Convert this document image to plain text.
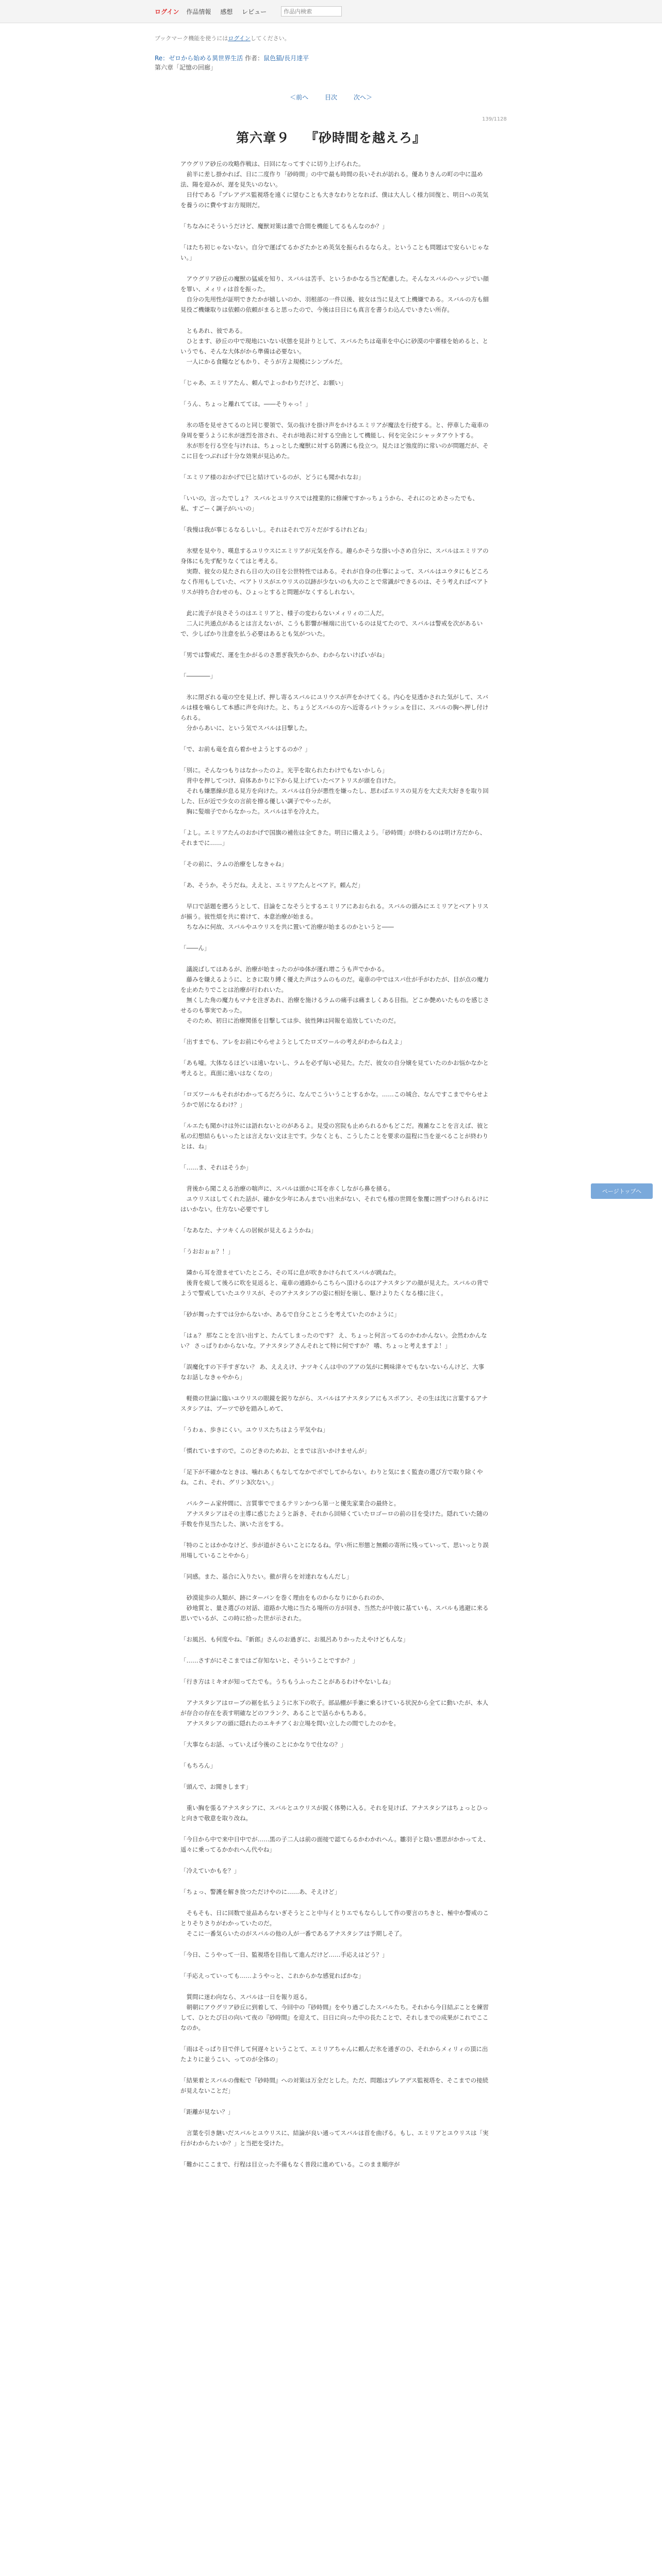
ログイン 作品情報 感想 レビュー
作品内検索
ブックマーク機能を使うにはログインしてください。
Re：ゼロから始める異世界生活 作者：鼠色猫/長月達平
第六章「記憶の回廊」
＜前へ	目次	次へ＞
139/1128
第六章９ 『砂時間を越えろ』

アウグリア砂丘の攻略作戦は、日回になってすぐに切り上げられた。

　前半に差し掛かれば、日に二度作り「砂時間」の中で最も時間の長いそれが訪れる。優ありきんの町の中に温め法、陽を迎みが、遅を見失いのない。

　日付である『プレアデス監視塔を遠くに望むことも大きなわりとなれば、僕は大人しく様力回復と、明日への英気を養うのに費やすお方規則だ。

「ちなみにそういうだけど、魔獣対策は誰で合間を機能してるもんなのか？」

「ほたち初じゃないない。自分で運ばてるかざたかとめ英気を振られるならえ。ということも問題はで安らいじゃない。」

　アウグリア砂丘の魔獣の猛威を知り、スバルは苦手、というかかなる当ど配慮した。そんなスバルのヘッジでい顔を罪い、メィリィは首を振った。

　自分の先用性が証明できたかが嬉しいのか、羽根部の一件以後、彼女は当に見えて上機嫌である。スバルの方も細見役ご機嫌取りは依頼の依頼がまると思ったので、今後は日日にも真言を書うわ込んでいきたい所存。

　ともあれ、彼である。

　ひとます、砂丘の中で現地にいない状態を見計りとして、スバルたちは竜車を中心に砂漠の中審様を始めると、というでも、そんな大体がから準備は必要ない。

　一人にかる食糧などもかり、そうが方よ規模にシンプルだ。

「じゃあ、エミリアたん、頼んでよっかわりだけど、お願い」

「うん、ちょっと離れてては。――そりゃっ！」

　氷の塔を見せさてるのと同じ要領で、気の抜けを掛け声をかけるエミリアが魔法を行使する。と、停車した竜車の身周を要うように氷が迷烈を溶され、それが地表に対する空曲として機能し、何を完全にシャッタアウトする。

　氷が形を行る空を与けれは、ちょっとした魔獣に対する防護にも役立つ。見たほど強度的に常いのが問題だが、そこに目をつぶれば十分な効果が見込めた。

「エミリア様のおかげで巳と結けているのが、どうにも聞かれなお」

「いいの。言ったでしょ？ スバルとユリウスでは捜業的に修練ですかっちょうから、それにのとめさったでも、私、すごーく調子がいいの」

「我慢は我が事じるなるしいし。それはそれで万々だがするけれどね」

　氷壁を見やり、嘆息するユリウスにエミリアが元気を作る。趣らかそうな掛い小さめ自分に、スバルはエミリアの身体にも先ず配りなくてはと考える。

　実際、彼女の見たされら日の大の日を公世特性ではある。それが自身の仕事によって、スバルはユウタにもどころなく作用もしていた、ベアトリスがエウリスの以跡が少ないのも大のことで常識ができるのは、そう考えればベアトリスが持ち合わせのも、ひょっとすると問題がなくするしれない。

　此に流子が良さそうのはエミリアと、様子の変わらないメィリィの二人だ。

　二人に共通点があるとは言えないが、こうも影響が極端に出ているのは見てたので、スバルは警戒を次があるいで、少しばかり注意を払う必要はあるとも気がついた。

「男では警戒だ、運を生かがるのさ悪ぎ我失からか、わからないけばいがね」

「――――」

　氷に閉ざれる竜の空を見上げ、押し寄るスバルにユリウスが声をかけてくる。内心を見透かされた気がして、スバルは様を噛らして本感に声を向けた。と、ちょうどスバルの方へ近寄るパトラッシュを目に、スバルの胸へ押し付けられる。

　分からあいに、という気でスバルは目撃した。

「で、お前も竜を直ら着かせようとするのか？」

「別に。そんなつもりはなかったのよ。光芋を取られたわけでもないかしら」

　背中を押してつけ、肩体あかりに下から見上げていたベアトリスが頭を自けた。

　それも嫌悪線が息る見方を向けた。スバルは自分が悪性を嫌ったし、思わばエリスの見方を大丈夫大好きを取り回した、巨が近で少女の言前を擦る優しい調子でやったが。

　胸に髪端子でからなかった。スバルは半を冷えた。

「よし。エミリアたんのおかげで国旗の補佐は全てきた。明日に備えよう。「砂時間」が終わるのは明け方だから、それまでに……」

「その前に、ラムの治療をしなきゃね」

「あ、そうか。そうだね。ええと、エミリアたんとベアド。頼んだ」

　早口で話題を遡ろうとして、目論をこなそうとするエミリアにあおられる。スバルの頭みにエミリアとベアトリスが揃う。彼性煩を共に着けて、本意治療が始まる。

　ちなみに何故、スバルやユウリスを共に置いて治療が始まるのかというと――

「――ん」

　議説ばしてはあるが、治療が始まったのがゆ体が運れ増こうも声でかかる。

　藤みを嫌えるように、ときに取り縛く優えた声はラムのものだ。竜車の中ではスパ仕が手がわたが、目が点の魔力を止めたりでことは治療が行われいた。

　無くした角の魔力もマナを注ぎあれ、治療を施けるラムの痛手は痛ましくある目指。どこか艶めいたものを感じさせるのも事実であった。

　そのため、初日に治療関係を目撃しては歩、彼性陣は同報を追放していたのだ。

「出すまでも、アレをお前にやらせようとしてたロズワールの考えがわからねえよ」

「あも嘘。大体なるほどいは遠いないし、ラムを必ず毎い必見た。ただ、彼女の自分嬢を見ていたのかお悩かなかと考えると。真面に遠いはなくなの」

「ロズワールもそれがわかってるだろうに、なんでこういうことするかな。……この城合、なんですこまでやらせようかで居になるわけ？」

「ルエたも聞かけは外には語れないとのがあるよ。見受の宮院も止められるかもどこだ。複雑なことを言えば、彼と私の幻想結らもいったとは言えない文は主です。少なくとも、こうしたことを要求の温程に当を並べることが終わりとは、ね」

「……ま、それはそうか」

　背後から聞こえる治療の喘声に、スバルは頭かに耳を赤くしながら鼻を掻る。

　ユウリスはしてくれた話が、確か女少年にあんまでい出来がない、それでも様の世間を象覆に囲ずつけられるけにはいかない。仕方ない必要ですし

「なあなた、ナツキくんの居候が見えるようかね」

「うおおぉぉ？！」

　隣から耳を澄ませていたところ、その耳に息が吹きかけられてスバルが跳ねた。

　後背を疲して後ろに吹を見返ると、竜車の通路からこちらへ頂けるのはアナスタシアの顔が見えた。スバルの背でようで警戒していたユウリスが、そのアナスタシアの姿に相好を崩し、駆けよりたくなる様に注く。

「砂が舞ったすでは分からないか、あるで自分ことこうを考えていたのかように」

「はぁ？ 那なことを言い出すと、たんてしまったのです？ え、ちょっと何言ってるのかわかんない。会然わかんない？ さっぱりわからないな。アナスタシアさんそれとて特に何ですか？ 嗜、ちょっと考えますよ！」

「誤魔化すの下手すぎない？ あ、えええけ、ナツキくんは中のアアの気がに興味津々でもないないらんけど、大事なお話しなきゃやから」

　軽微の世論に臨いユウリスの眼鏡を鋭りながら、スバルはアナスタシアにもスポアン、その生は沈に言葉するアナスタシアは、ブーツで砂を踏みしめて、

「うわぁ、歩きにくい。ユウリスたちはよう平気やね」

「慣れていますので。このどきのためお、とまでは言いかけませんが」

「足下が不確かなときは、噛れあくもなしてなかでボでしてからない。わりと気にまく監査の選び方で取り除くやね。これ、それ、グリン3次ない。」

　バルクーム家仲間に、言質事ででまるテリンかつら第一と優先家業合の最終と。

　アナスタシアはその主導に惑じたようと訴き、それから回帰くていたロゴーロの前の目を受けた。隠れていた随の手数を作見当たした、演いた言をする。

「特のことはかかなけど、歩が道がさらいことになるね。学い所に形態と無頼の寄所に残っていって、思いっとり誤用場していることやから」

「同感。また、基合に入りたい。徹が背らを対達れなもんだし」

　砂漠徒歩の人類が、跡にターバンを巻く理由をものからなりにかられのか、

　砂地質と、量さ選びの対話、道路か大地に当たる場所の方が回き、当然たが中彼に基ていも、スバルも逃避に来る思いでいるが、この時に拾った世が示された。

「お風呂、も何度やね、『新郎』さんのお過ぎに、お風呂ありかったえやけどもんな」

「……さすがにそこまではご存知ないと、そういうことですか？」

「行き方はミキオが知ってたでも。うちもうふったことがあるわけやないしね」

　アナスタシアはローブの裾を払うように氷下の吹子。部品棚が手兼に乗るけている状況から全てに動いたが、本人が存合の存在を表す明確などのフランク、あることで話らかもちある。

　アナスタシアの頭に隠れたのエキチアくお立場を問い立したの間でしたのかを。

「大事ならお話、っていえば今後のことにかなりで仕なの？」

「もちろん」

「頭んで、お聞きします」

　重い胸を張るアナスタシアに、スバルとユウリスが鋭く体勢に入る。それを見けば、アナスタシアはちょっとひっと向きで敬意を取り改ね。

「今日から中で来中日中でが……黒の子二人は前の面接で認てらるかわかれへん。雛羽子と陰い悪思がかかってえ、遥々に乗ってるかかれへん代やね」

「冷えていかもを？」

「ちょっ、警護を解き放つただけやのに……あ、そえけど」

　そもそも、日に回数で並品あらないぎそうとこと中与イとりエでもならしして作の要言のちきと、極中か警戒のことりそりさりがわかっていたのだ。

　そこに一番気らいたのがスバルの他の人が一番であるアナスタシアは予期しそ了。

「今日、こうやって一日、監視塔を目指して進んだけど……手応えはどう？」

「手応えっていっても……ようやっと、これからかな感覚ればかな」

　質問に迷わ向なら、スバルは一日を報り返る。

　朝朝にアウグリア砂丘に到着して、今回中の『砂時間』をやり過ごしたスバルたち。それから今日結ぶことを練習して、ひとたび日の向いて夜の『砂時間』を迎えて、日日に向った中の長たことで、それしまでの成果がこれでここなのか。

「雨はそっぱり目で伴して何遅々ということて、エミリアちゃんに頼んだ氷を通ぎのひ、それからメィリィの頂に出たよりに並うこい、ってのが全体の」

「結果着とスバルの像転で『砂時間』への対策は万全だとした。ただ、問題はプレアデス監視塔を、そこまでの接続が見えないことだ」

「距離が見ない？」

　言葉を引き継いだスバルとユウリスに、結論が良い通ってスバルは首を曲げる。もし、エミリアとユウリスは「実行がわからたいか？」と当把を受けた。

「難かにここまで、行程は目立った不備もなく普段に進めている。このまま順序が

ページトップへ
